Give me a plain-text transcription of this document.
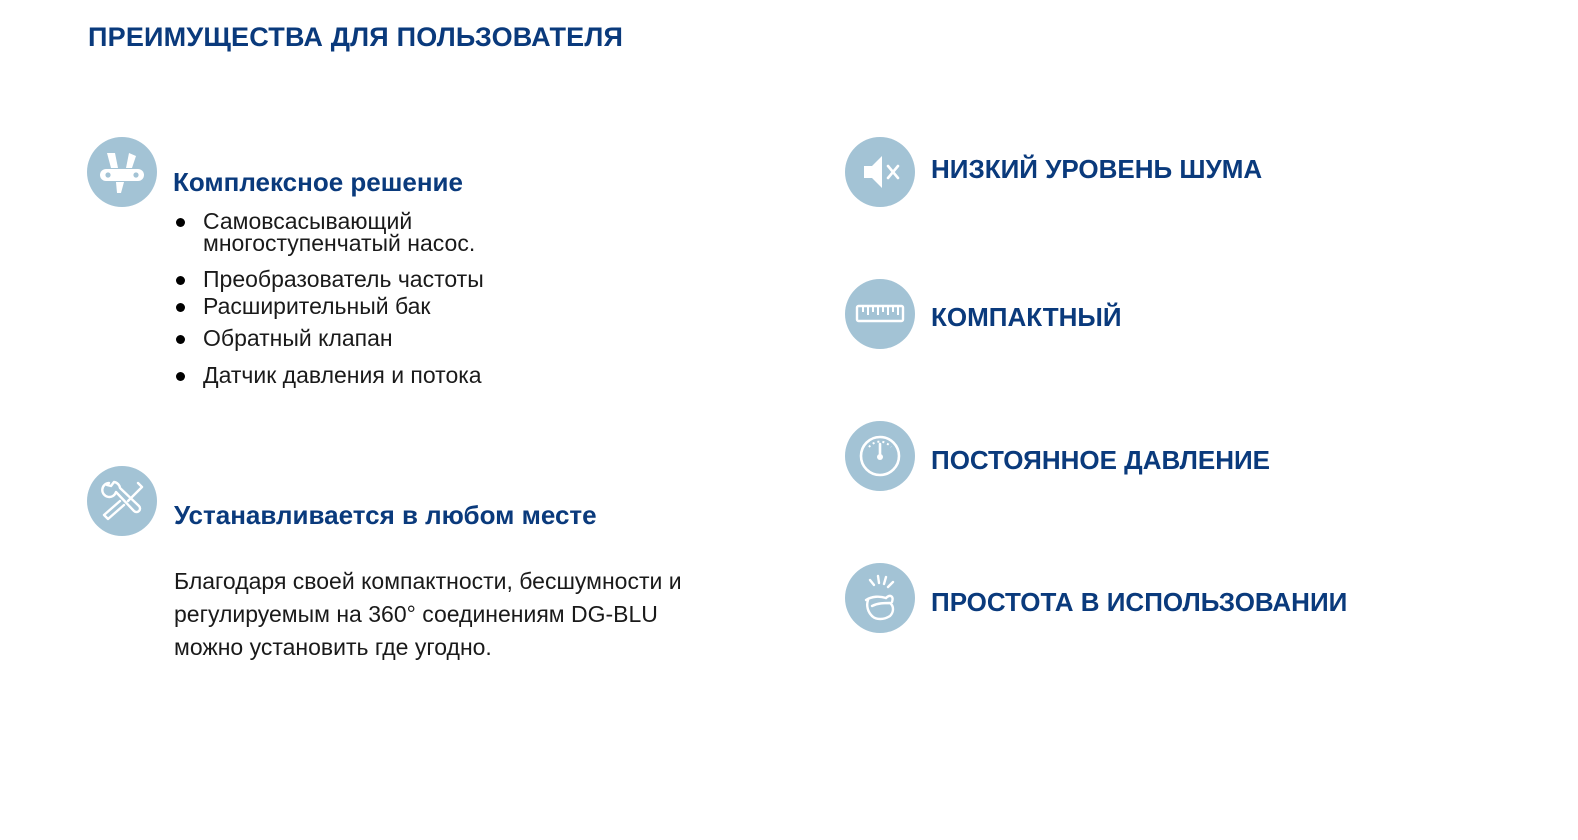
ПРЕИМУЩЕСТВА ДЛЯ ПОЛЬЗОВАТЕЛЯ
Комплексное решение
Самовсасывающий
многоступенчатый насос.
Преобразователь частоты
Расширительный бак
Обратный клапан
Датчик давления и потока
Устанавливается в любом месте

Благодаря своей компактности, бесшумности и регулируемым на 360° соединениям DG-BLU можно установить где угодно.

НИЗКИЙ УРОВЕНЬ ШУМА
КОМПАКТНЫЙ
ПОСТОЯННОЕ ДАВЛЕНИЕ
ПРОСТОТА В ИСПОЛЬЗОВАНИИ
